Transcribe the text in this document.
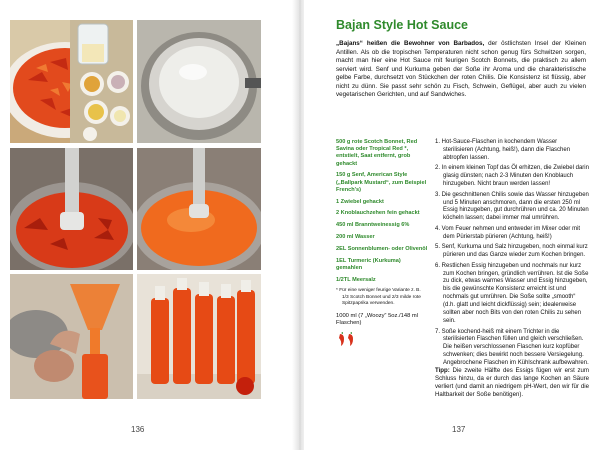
136
Bajan Style Hot Sauce

„Bajans“ heißen die Bewohner von Barbados, der östlichsten Insel der Kleinen Antillen. Als ob die tropischen Temperaturen nicht schon genug fürs Schwitzen sorgen, macht man hier eine Hot Sauce mit feurigen Scotch Bonnets, die praktisch zu allem serviert wird. Senf und Kurkuma geben der Soße ihr Aroma und die charakteristische gelbe Farbe, durchsetzt von Stückchen der roten Chilis. Die Konsistenz ist flüssig, aber nicht zu dünn. Sie passt sehr schön zu Fisch, Schwein, Geflügel, aber auch zu vielen vegetarischen Gerichten, und auf Sandwiches.

500 g rote Scotch Bonnet, Red Savina oder Tropical Red *, entstielt, Saat entfernt, grob gehackt

150 g Senf, American Style („Ballpark Mustard“, zum Beispiel French's)

1 Zwiebel gehackt

2 Knoblauchzehen fein gehackt

450 ml Branntweinessig 6%

200 ml Wasser

2EL Sonnenblumen- oder Olivenöl

1EL Turmeric (Kurkuma) gemahlen

1/2TL Meersalz

* Für eine weniger feurige Variante z. B. 1/3 Scotch Bonnet und 2/3 milde rote Spitzpaprika verwenden.

1000 ml (7 „Woozy“ 5oz./148 ml Flaschen)

1. Hot-Sauce-Flaschen in kochendem Wasser sterilisieren (Achtung, heiß!), dann die Flaschen abtropfen lassen.
2. In einem kleinen Topf das Öl erhitzen, die Zwiebel darin glasig dünsten; nach 2-3 Minuten den Knoblauch hinzugeben. Nicht braun werden lassen!
3. Die geschnittenen Chilis sowie das Wasser hinzugeben und 5 Minuten anschmoren, dann die ersten 250 ml Essig hinzugeben, gut durchrühren und ca. 20 Minuten köcheln lassen; dabei immer mal umrühren.
4. Vom Feuer nehmen und entweder im Mixer oder mit dem Pürierstab pürieren (Achtung, heiß!)
5. Senf, Kurkuma und Salz hinzugeben, noch einmal kurz pürieren und das Ganze wieder zum Kochen bringen.
6. Restlichen Essig hinzugeben und nochmals nur kurz zum Kochen bringen, gründlich verrühren. Ist die Soße zu dick, etwas warmes Wasser und Essig hinzugeben, bis die gewünschte Konsistenz erreicht ist und nochmals gut umrühren. Die Soße sollte „smooth“ (d.h. glatt und leicht dickflüssig) sein; idealerweise sollten aber noch Bits von den roten Chilis zu sehen sein.
7. Soße kochend-heiß mit einem Trichter in die sterilisierten Flaschen füllen und gleich verschließen. Die heißen verschlossenen Flaschen kurz kopfüber schwenken; dies bewirkt noch bessere Versiegelung. Angebrochene Flaschen im Kühlschrank aufbewahren.

Tipp: Die zweite Hälfte des Essigs fügen wir erst zum Schluss hinzu, da er durch das lange Kochen an Säure verliert (und damit an niedrigem pH-Wert, den wir für die Haltbarkeit der Soße benötigen).

137
